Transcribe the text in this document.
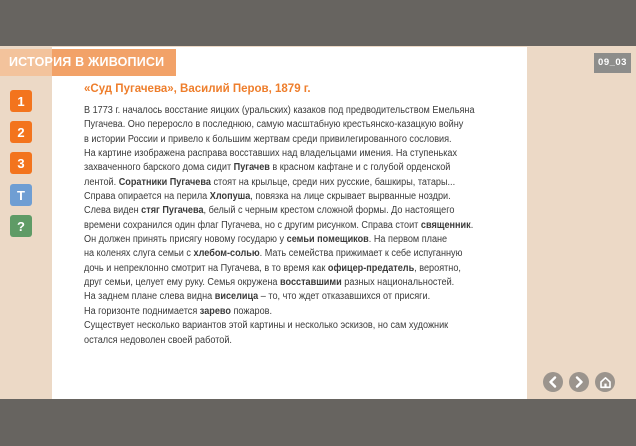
«Суд Пугачева», Василий Перов, 1879 г.
В 1773 г. началось восстание яицких (уральских) казаков под предводительством Емельяна
Пугачева. Оно переросло в последнюю, самую масштабную крестьянско-казацкую войну
в истории России и привело к большим жертвам среди привилегированного сословия.
На картине изображена расправа восставших над владельцами имения. На ступеньках
захваченного барского дома сидит Пугачев в красном кафтане и с голубой орденской
лентой. Соратники Пугачева стоят на крыльце, среди них русские, башкиры, татары...
Справа опирается на перила Хлопуша, повязка на лице скрывает вырванные ноздри.
Слева виден стяг Пугачева, белый с черным крестом сложной формы. До настоящего
времени сохранился один флаг Пугачева, но с другим рисунком. Справа стоит священник.
Он должен принять присягу новому государю у семьи помещиков. На первом плане
на коленях слуга семьи с хлебом-солью. Мать семейства прижимает к себе испуганную
дочь и непреклонно смотрит на Пугачева, в то время как офицер-предатель, вероятно,
друг семьи, целует ему руку. Семья окружена восставшими разных национальностей.
На заднем плане слева видна виселица – то, что ждет отказавшихся от присяги.
На горизонте поднимается зарево пожаров.
Существует несколько вариантов этой картины и несколько эскизов, но сам художник
остался недоволен своей работой.
ИСТОРИЯ В ЖИВОПИСИ	09_03
1
2
3
T
?
